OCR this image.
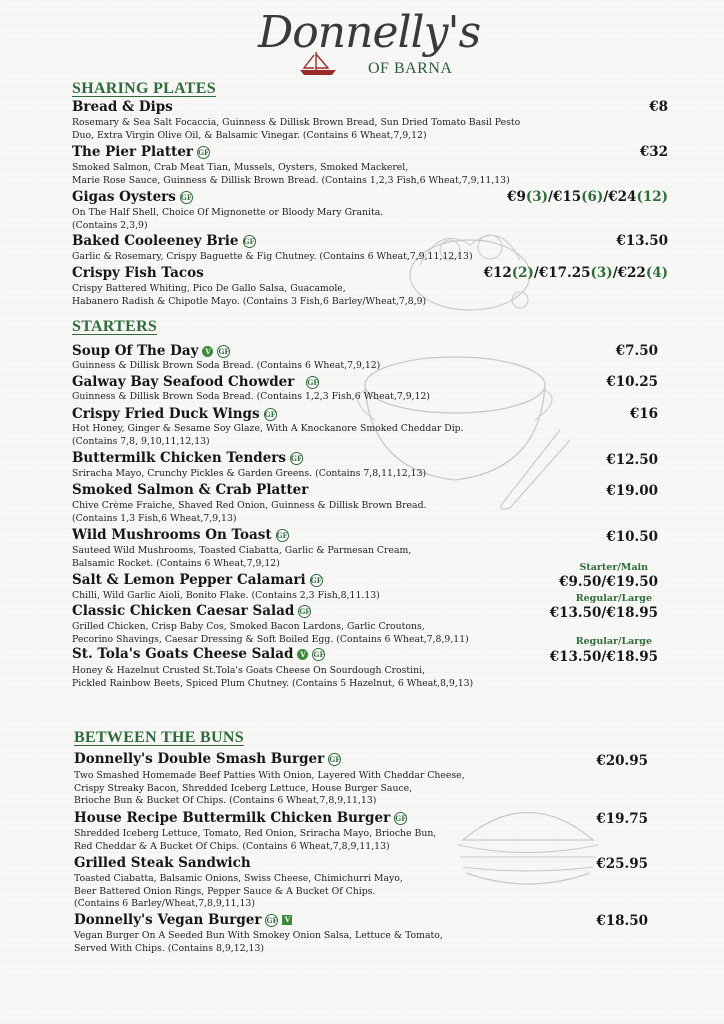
Donnelly's
OF BARNA
SHARING PLATES
Bread & Dips	€8
Rosemary & Sea Salt Focaccia, Guinness & Dillisk Brown Bread, Sun Dried Tomato Basil Pesto
Duo, Extra Virgin Olive Oil, & Balsamic Vinegar. (Contains 6 Wheat,7,9,12)
The Pier Platter GF	€32
Smoked Salmon, Crab Meat Tian, Mussels, Oysters, Smoked Mackerel,
Marie Rose Sauce, Guinness & Dillisk Brown Bread. (Contains 1,2,3 Fish,6 Wheat,7,9,11,13)
Gigas Oysters GF	€9(3)/€15(6)/€24(12)
On The Half Shell, Choice Of Mignonette or Bloody Mary Granita.
(Contains 2,3,9)
Baked Cooleeney Brie GF	€13.50
Garlic & Rosemary, Crispy Baguette & Fig Chutney. (Contains 6 Wheat,7,9,11,12,13)
Crispy Fish Tacos	€12(2)/€17.25(3)/€22(4)
Crispy Battered Whiting, Pico De Gallo Salsa, Guacamole,
Habanero Radish & Chipotle Mayo. (Contains 3 Fish,6 Barley/Wheat,7,8,9)
STARTERS
Soup Of The Day V	GF	€7.50
Guinness & Dillisk Brown Soda Bread. (Contains 6 Wheat,7,9,12)
Galway Bay Seafood Chowder GF	€10.25
Guinness & Dillisk Brown Soda Bread. (Contains 1,2,3 Fish,6 Wheat,7,9,12)
Crispy Fried Duck Wings GF	€16
Hot Honey, Ginger & Sesame Soy Glaze, With A Knockanore Smoked Cheddar Dip.
(Contains 7,8, 9,10,11,12,13)
Buttermilk Chicken Tenders GF	€12.50
Sriracha Mayo, Crunchy Pickles & Garden Greens. (Contains 7,8,11,12,13)
Smoked Salmon & Crab Platter	€19.00
Chive Crème Fraiche, Shaved Red Onion, Guinness & Dillisk Brown Bread.
(Contains 1,3 Fish,6 Wheat,7,9,13)
Wild Mushrooms On Toast GF	€10.50
Sauteed Wild Mushrooms, Toasted Ciabatta, Garlic & Parmesan Cream,
Balsamic Rocket. (Contains 6 Wheat,7,9,12)	Starter/Main
Salt & Lemon Pepper Calamari GF	€9.50/€19.50
Chilli, Wild Garlic Aioli, Bonito Flake. (Contains 2,3 Fish,8,11.13)	Regular/Large
Classic Chicken Caesar Salad GF	€13.50/€18.95
Grilled Chicken, Crisp Baby Cos, Smoked Bacon Lardons, Garlic Croutons,
Pecorino Shavings, Caesar Dressing & Soft Boiled Egg. (Contains 6 Wheat,7,8,9,11)	Regular/Large
St. Tola's Goats Cheese Salad V	GF	€13.50/€18.95
Honey & Hazelnut Crusted St.Tola's Goats Cheese On Sourdough Crostini,
Pickled Rainbow Beets, Spiced Plum Chutney. (Contains 5 Hazelnut, 6 Wheat,8,9,13)
BETWEEN THE BUNS
Donnelly's Double Smash Burger GF	€20.95
Two Smashed Homemade Beef Patties With Onion, Layered With Cheddar Cheese,
Crispy Streaky Bacon, Shredded Iceberg Lettuce, House Burger Sauce,
Brioche Bun & Bucket Of Chips. (Contains 6 Wheat,7,8,9,11,13)
House Recipe Buttermilk Chicken Burger GF	€19.75
Shredded Iceberg Lettuce, Tomato, Red Onion, Sriracha Mayo, Brioche Bun,
Red Cheddar & A Bucket Of Chips. (Contains 6 Wheat,7,8,9,11,13)
Grilled Steak Sandwich	€25.95
Toasted Ciabatta, Balsamic Onions, Swiss Cheese, Chimichurri Mayo,
Beer Battered Onion Rings, Pepper Sauce & A Bucket Of Chips.
(Contains 6 Barley/Wheat,7,8,9,11,13)
Donnelly's Vegan Burger GF	V	€18.50
Vegan Burger On A Seeded Bun With Smokey Onion Salsa, Lettuce & Tomato,
Served With Chips. (Contains 8,9,12,13)
